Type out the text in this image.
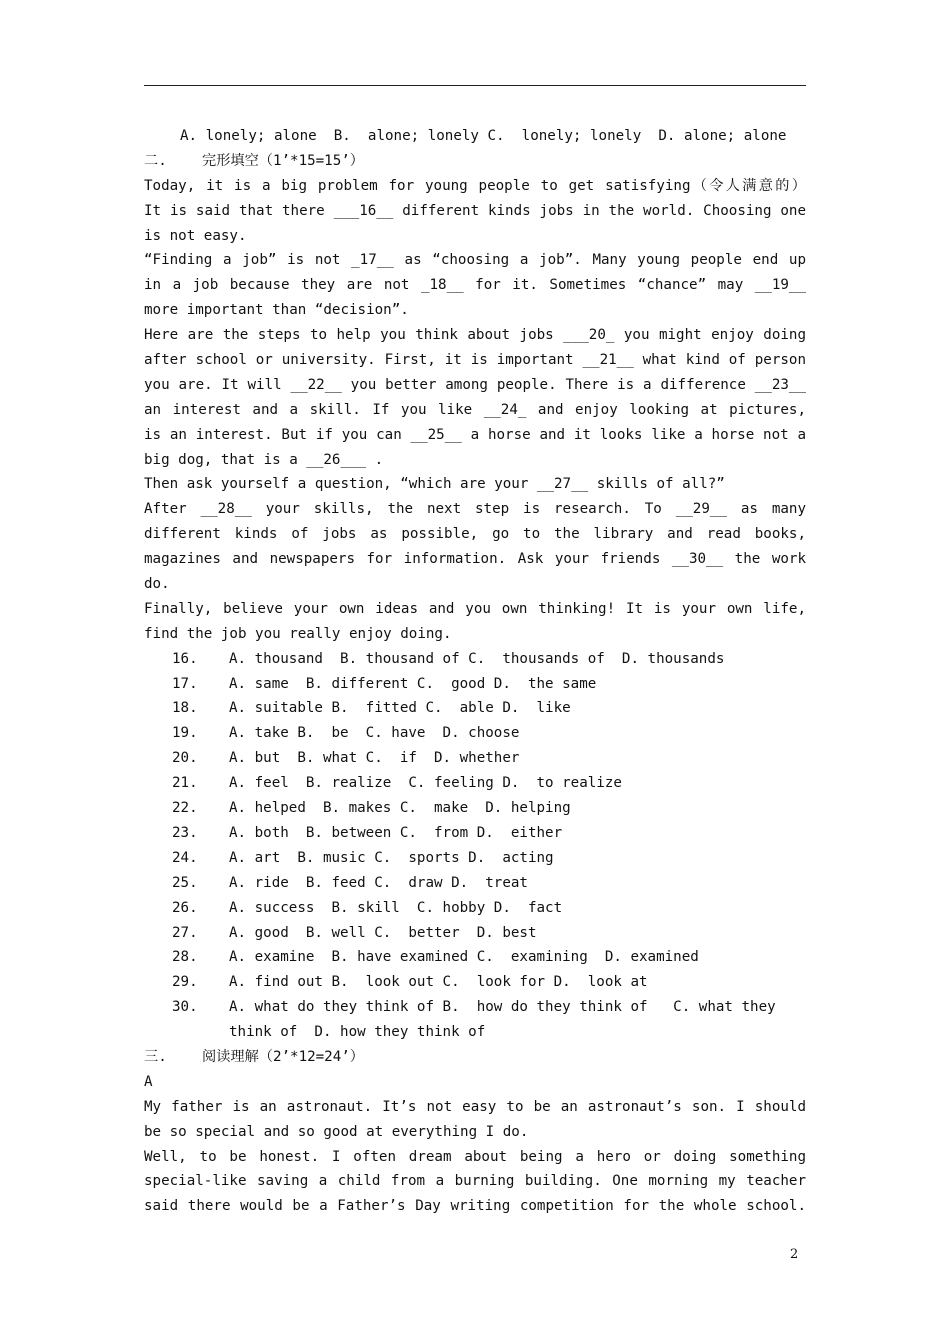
A. lonely; alone  B.  alone; lonely C.  lonely; lonely  D. alone; alone
二.	完形填空（1’*15=15’）
Today, it is a big problem for young people to get satisfying（令人满意的）
It is said that there ___16__ different kinds jobs in the world. Choosing one
is not easy.
“Finding a job” is not _17__ as “choosing a job”. Many young people end up
in a job because they are not _18__ for it. Sometimes “chance” may __19__
more important than “decision”.
Here are the steps to help you think about jobs ___20_ you might enjoy doing
after school or university. First, it is important __21__ what kind of person
you are. It will __22__ you better among people. There is a difference __23__
an interest and a skill. If you like __24_ and enjoy looking at pictures,
is an interest. But if you can __25__ a horse and it looks like a horse not a
big dog, that is a __26___ .
Then ask yourself a question, “which are your __27__ skills of all?”
After __28__ your skills, the next step is research. To __29__ as many
different kinds of jobs as possible, go to the library and read books,
magazines and newspapers for information. Ask your friends __30__ the work
do.
Finally, believe your own ideas and you own thinking! It is your own life,
find the job you really enjoy doing.
16.	A. thousand  B. thousand of C.  thousands of  D. thousands
17.	A. same  B. different C.  good D.  the same
18.	A. suitable B.  fitted C.  able D.  like
19.	A. take B.  be  C. have  D. choose
20.	A. but  B. what C.  if  D. whether
21.	A. feel  B. realize  C. feeling D.  to realize
22.	A. helped  B. makes C.  make  D. helping
23.	A. both  B. between C.  from D.  either
24.	A. art  B. music C.  sports D.  acting
25.	A. ride  B. feed C.  draw D.  treat
26.	A. success  B. skill  C. hobby D.  fact
27.	A. good  B. well C.  better  D. best
28.	A. examine  B. have examined C.  examining  D. examined
29.	A. find out B.  look out C.  look for D.  look at
30.	A. what do they think of B.  how do they think of   C. what they
think of  D. how they think of
三.	阅读理解（2’*12=24’）
A
My father is an astronaut. It’s not easy to be an astronaut’s son. I should
be so special and so good at everything I do.
Well, to be honest. I often dream about being a hero or doing something
special-like saving a child from a burning building. One morning my teacher
said there would be a Father’s Day writing competition for the whole school.
2
